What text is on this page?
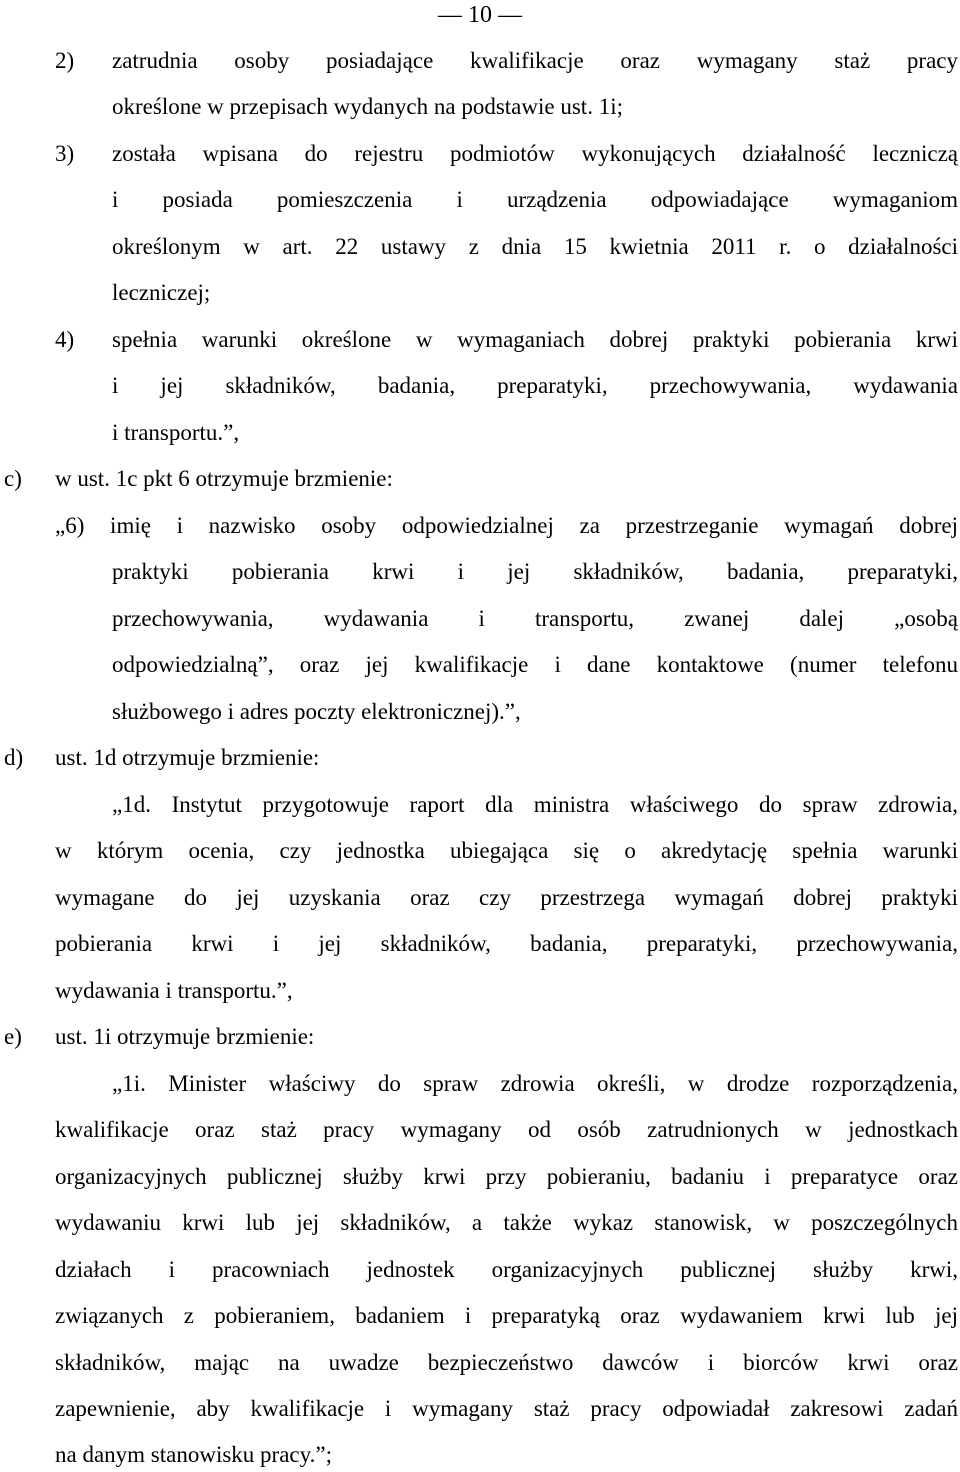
— 10 —
2) zatrudnia osoby posiadające kwalifikacje oraz wymagany staż pracy
określone w przepisach wydanych na podstawie ust. 1i;
3) została wpisana do rejestru podmiotów wykonujących działalność leczniczą
i posiada pomieszczenia i urządzenia odpowiadające wymaganiom
określonym w art. 22 ustawy z dnia 15 kwietnia 2011 r. o działalności
leczniczej;
4) spełnia warunki określone w wymaganiach dobrej praktyki pobierania krwi
i jej składników, badania, preparatyki, przechowywania, wydawania
i transportu.”,
c) w ust. 1c pkt 6 otrzymuje brzmienie:
„6) imię i nazwisko osoby odpowiedzialnej za przestrzeganie wymagań dobrej
praktyki pobierania krwi i jej składników, badania, preparatyki,
przechowywania, wydawania i transportu, zwanej dalej „osobą
odpowiedzialną”, oraz jej kwalifikacje i dane kontaktowe (numer telefonu
służbowego i adres poczty elektronicznej).”,
d) ust. 1d otrzymuje brzmienie:
„1d. Instytut przygotowuje raport dla ministra właściwego do spraw zdrowia,
w którym ocenia, czy jednostka ubiegająca się o akredytację spełnia warunki
wymagane do jej uzyskania oraz czy przestrzega wymagań dobrej praktyki
pobierania krwi i jej składników, badania, preparatyki, przechowywania,
wydawania i transportu.”,
e) ust. 1i otrzymuje brzmienie:
„1i. Minister właściwy do spraw zdrowia określi, w drodze rozporządzenia,
kwalifikacje oraz staż pracy wymagany od osób zatrudnionych w jednostkach
organizacyjnych publicznej służby krwi przy pobieraniu, badaniu i preparatyce oraz
wydawaniu krwi lub jej składników, a także wykaz stanowisk, w poszczególnych
działach i pracowniach jednostek organizacyjnych publicznej służby krwi,
związanych z pobieraniem, badaniem i preparatyką oraz wydawaniem krwi lub jej
składników, mając na uwadze bezpieczeństwo dawców i biorców krwi oraz
zapewnienie, aby kwalifikacje i wymagany staż pracy odpowiadał zakresowi zadań
na danym stanowisku pracy.”;
